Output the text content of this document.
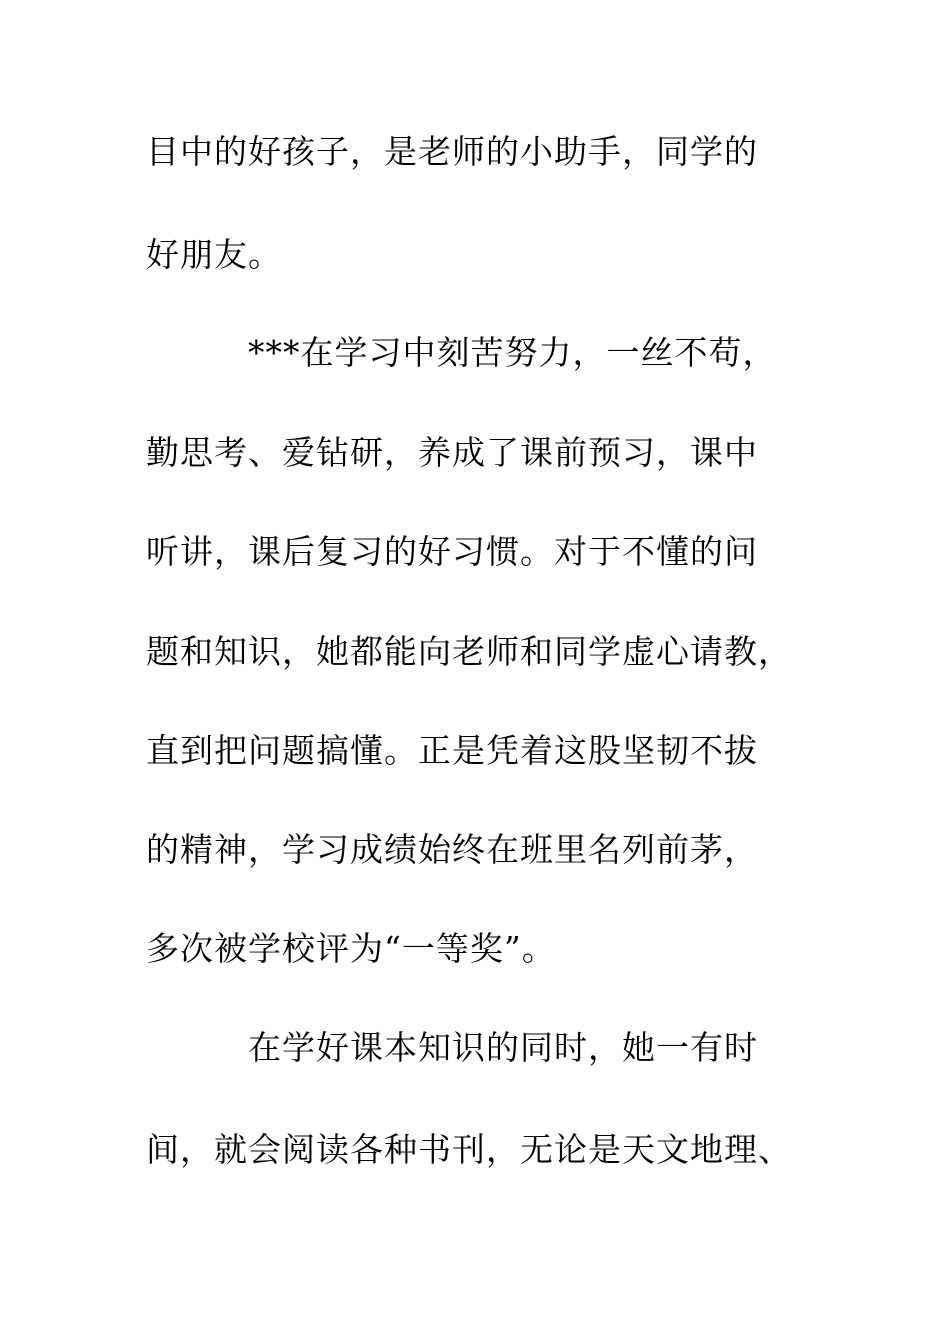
目中的好孩子，是老师的小助手，同学的
好朋友。
***在学习中刻苦努力，一丝不苟，
勤思考、爱钻研，养成了课前预习，课中
听讲，课后复习的好习惯。对于不懂的问
题和知识，她都能向老师和同学虚心请教，
直到把问题搞懂。正是凭着这股坚韧不拔
的精神，学习成绩始终在班里名列前茅，
多次被学校评为“一等奖”。
在学好课本知识的同时，她一有时
间，就会阅读各种书刊，无论是天文地理、
